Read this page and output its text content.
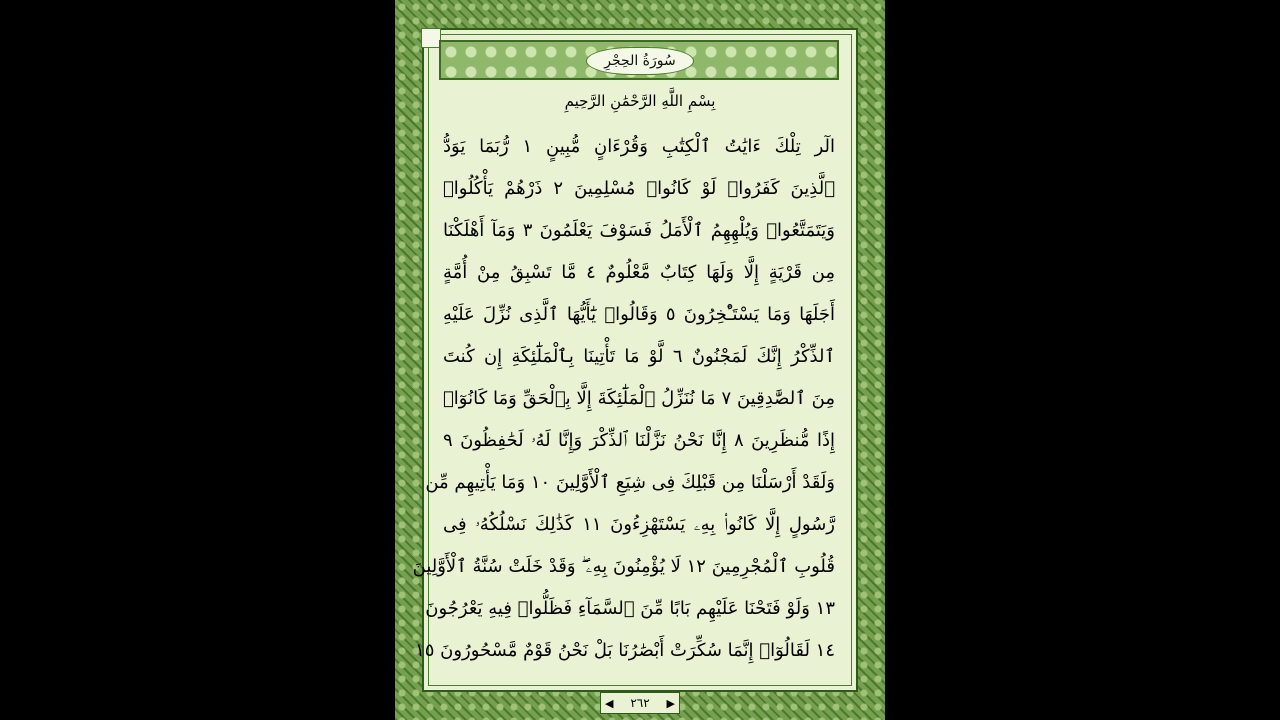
سُورَةُ الحِجْرِ
بِسْمِ اللَّهِ الرَّحْمَٰنِ الرَّحِيمِ
الٓر تِلْكَ ءَايَٰتُ ٱلْكِتَٰبِ وَقُرْءَانٍ مُّبِينٍ ١ رُّبَمَا يَوَدُّ
ٱلَّذِينَ كَفَرُوا۟ لَوْ كَانُوا۟ مُسْلِمِينَ ٢ ذَرْهُمْ يَأْكُلُوا۟
وَيَتَمَتَّعُوا۟ وَيُلْهِهِمُ ٱلْأَمَلُ فَسَوْفَ يَعْلَمُونَ ٣ وَمَآ أَهْلَكْنَا
مِن قَرْيَةٍ إِلَّا وَلَهَا كِتَابٌ مَّعْلُومٌ ٤ مَّا تَسْبِقُ مِنْ أُمَّةٍ
أَجَلَهَا وَمَا يَسْتَـْٔخِرُونَ ٥ وَقَالُوا۟ يَٰٓأَيُّهَا ٱلَّذِى نُزِّلَ عَلَيْهِ
ٱلذِّكْرُ إِنَّكَ لَمَجْنُونٌ ٦ لَّوْ مَا تَأْتِينَا بِٱلْمَلَٰٓئِكَةِ إِن كُنتَ
مِنَ ٱلصَّٰدِقِينَ ٧ مَا نُنَزِّلُ ٱلْمَلَٰٓئِكَةَ إِلَّا بِٱلْحَقِّ وَمَا كَانُوٓا۟
إِذًا مُّنظَرِينَ ٨ إِنَّا نَحْنُ نَزَّلْنَا ٱلذِّكْرَ وَإِنَّا لَهُۥ لَحَٰفِظُونَ ٩
وَلَقَدْ أَرْسَلْنَا مِن قَبْلِكَ فِى شِيَعِ ٱلْأَوَّلِينَ ١٠ وَمَا يَأْتِيهِم مِّن
رَّسُولٍ إِلَّا كَانُوا۟ بِهِۦ يَسْتَهْزِءُونَ ١١ كَذَٰلِكَ نَسْلُكُهُۥ فِى
قُلُوبِ ٱلْمُجْرِمِينَ ١٢ لَا يُؤْمِنُونَ بِهِۦ ۖ وَقَدْ خَلَتْ سُنَّةُ ٱلْأَوَّلِينَ
١٣ وَلَوْ فَتَحْنَا عَلَيْهِم بَابًا مِّنَ ٱلسَّمَآءِ فَظَلُّوا۟ فِيهِ يَعْرُجُونَ
١٤ لَقَالُوٓا۟ إِنَّمَا سُكِّرَتْ أَبْصَٰرُنَا بَلْ نَحْنُ قَوْمٌ مَّسْحُورُونَ ١٥
◀ ٢٦٢ ▶
